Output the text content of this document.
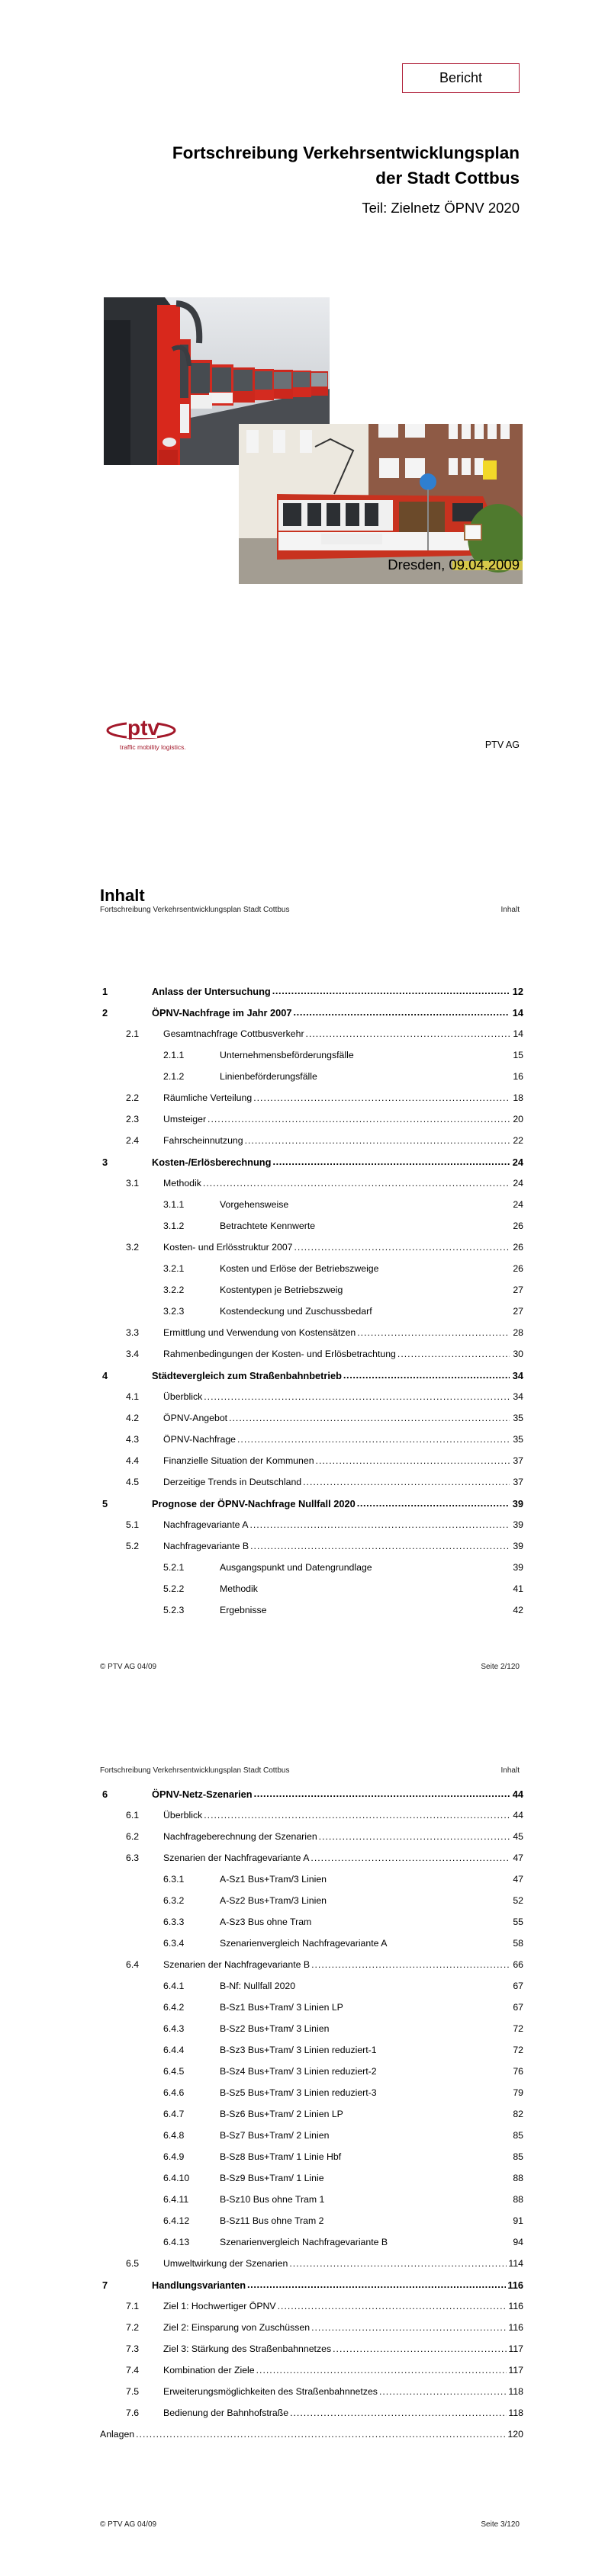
Bericht
Fortschreibung Verkehrsentwicklungsplan
der Stadt Cottbus
Teil: Zielnetz ÖPNV 2020
Dresden, 09.04.2009
ptv
traffic mobility logistics.	PTV AG
Fortschreibung Verkehrsentwicklungsplan Stadt Cottbus	Inhalt
Inhalt
1	Anlass der Untersuchung .....	12
2	ÖPNV-Nachfrage im Jahr 2007 .....	14
2.1	Gesamtnachfrage Cottbusverkehr .....	14
2.1.1	Unternehmensbeförderungsfälle	15
2.1.2	Linienbeförderungsfälle	16
2.2	Räumliche Verteilung .....	18
2.3	Umsteiger .....	20
2.4	Fahrscheinnutzung .....	22
3	Kosten-/Erlösberechnung .....	24
3.1	Methodik .....	24
3.1.1	Vorgehensweise	24
3.1.2	Betrachtete Kennwerte	26
3.2	Kosten- und Erlösstruktur 2007 .....	26
3.2.1	Kosten und Erlöse der Betriebszweige	26
3.2.2	Kostentypen je Betriebszweig	27
3.2.3	Kostendeckung und Zuschussbedarf	27
3.3	Ermittlung und Verwendung von Kostensätzen .....	28
3.4	Rahmenbedingungen der Kosten- und Erlösbetrachtung .....	30
4	Städtevergleich zum Straßenbahnbetrieb .....	34
4.1	Überblick .....	34
4.2	ÖPNV-Angebot .....	35
4.3	ÖPNV-Nachfrage .....	35
4.4	Finanzielle Situation der Kommunen .....	37
4.5	Derzeitige Trends in Deutschland .....	37
5	Prognose der ÖPNV-Nachfrage Nullfall 2020 .....	39
5.1	Nachfragevariante A .....	39
5.2	Nachfragevariante B .....	39
5.2.1	Ausgangspunkt und Datengrundlage	39
5.2.2	Methodik	41
5.2.3	Ergebnisse	42
© PTV AG 04/09	Seite 2/120
Fortschreibung Verkehrsentwicklungsplan Stadt Cottbus	Inhalt
6	ÖPNV-Netz-Szenarien .....	44
6.1	Überblick .....	44
6.2	Nachfrageberechnung der Szenarien .....	45
6.3	Szenarien der Nachfragevariante A .....	47
6.3.1	A-Sz1 Bus+Tram/3 Linien	47
6.3.2	A-Sz2 Bus+Tram/3 Linien	52
6.3.3	A-Sz3 Bus ohne Tram	55
6.3.4	Szenarienvergleich Nachfragevariante A	58
6.4	Szenarien der Nachfragevariante B .....	66
6.4.1	B-Nf: Nullfall 2020	67
6.4.2	B-Sz1 Bus+Tram/ 3 Linien LP	67
6.4.3	B-Sz2 Bus+Tram/ 3 Linien	72
6.4.4	B-Sz3 Bus+Tram/ 3 Linien reduziert-1	72
6.4.5	B-Sz4 Bus+Tram/ 3 Linien reduziert-2	76
6.4.6	B-Sz5 Bus+Tram/ 3 Linien reduziert-3	79
6.4.7	B-Sz6 Bus+Tram/ 2 Linien LP	82
6.4.8	B-Sz7 Bus+Tram/ 2 Linien	85
6.4.9	B-Sz8 Bus+Tram/ 1 Linie Hbf	85
6.4.10	B-Sz9 Bus+Tram/ 1 Linie	88
6.4.11	B-Sz10 Bus ohne Tram 1	88
6.4.12	B-Sz11 Bus ohne Tram 2	91
6.4.13	Szenarienvergleich Nachfragevariante B	94
6.5	Umweltwirkung der Szenarien .....	114
7	Handlungsvarianten .....	116
7.1	Ziel 1: Hochwertiger ÖPNV .....	116
7.2	Ziel 2: Einsparung von Zuschüssen .....	116
7.3	Ziel 3: Stärkung des Straßenbahnnetzes .....	117
7.4	Kombination der Ziele .....	117
7.5	Erweiterungsmöglichkeiten des Straßenbahnnetzes .....	118
7.6	Bedienung der Bahnhofstraße .....	118
Anlagen .....	120
© PTV AG 04/09	Seite 3/120
